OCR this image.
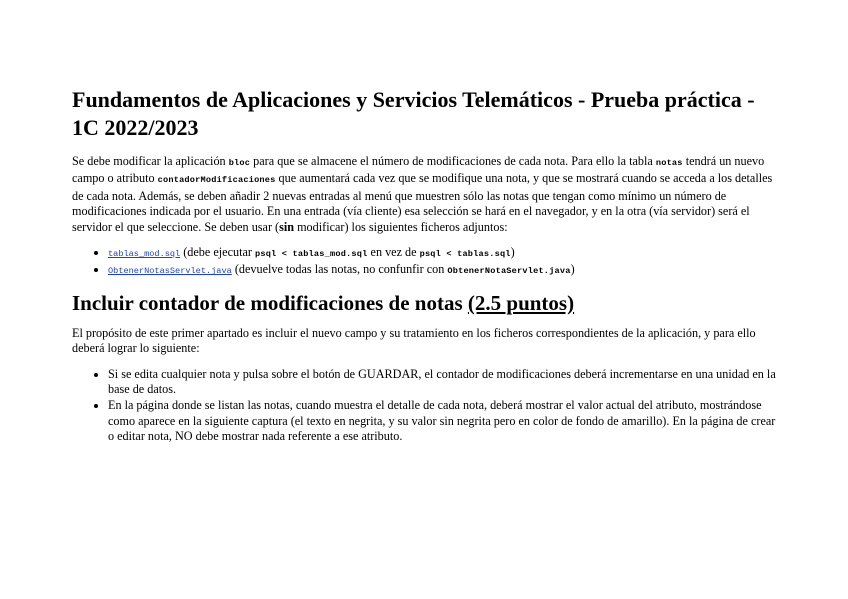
Fundamentos de Aplicaciones y Servicios Telemáticos - Prueba práctica - 1C 2022/2023

Se debe modificar la aplicación bloc para que se almacene el número de modificaciones de cada nota. Para ello la tabla notas tendrá un nuevo campo o atributo contadorModificaciones que aumentará cada vez que se modifique una nota, y que se mostrará cuando se acceda a los detalles de cada nota. Además, se deben añadir 2 nuevas entradas al menú que muestren sólo las notas que tengan como mínimo un número de modificaciones indicada por el usuario. En una entrada (vía cliente) esa selección se hará en el navegador, y en la otra (vía servidor) será el servidor el que seleccione. Se deben usar (sin modificar) los siguientes ficheros adjuntos:

• tablas_mod.sql (debe ejecutar psql < tablas_mod.sql en vez de psql < tablas.sql)
• ObtenerNotasServlet.java (devuelve todas las notas, no confunfir con ObtenerNotaServlet.java)
Incluir contador de modificaciones de notas (2.5 puntos)

El propósito de este primer apartado es incluir el nuevo campo y su tratamiento en los ficheros correspondientes de la aplicación, y para ello deberá lograr lo siguiente:

• Si se edita cualquier nota y pulsa sobre el botón de GUARDAR, el contador de modificaciones deberá incrementarse en una unidad en la base de datos.
• En la página donde se listan las notas, cuando muestra el detalle de cada nota, deberá mostrar el valor actual del atributo, mostrándose como aparece en la siguiente captura (el texto en negrita, y su valor sin negrita pero en color de fondo de amarillo). En la página de crear o editar nota, NO debe mostrar nada referente a ese atributo.
